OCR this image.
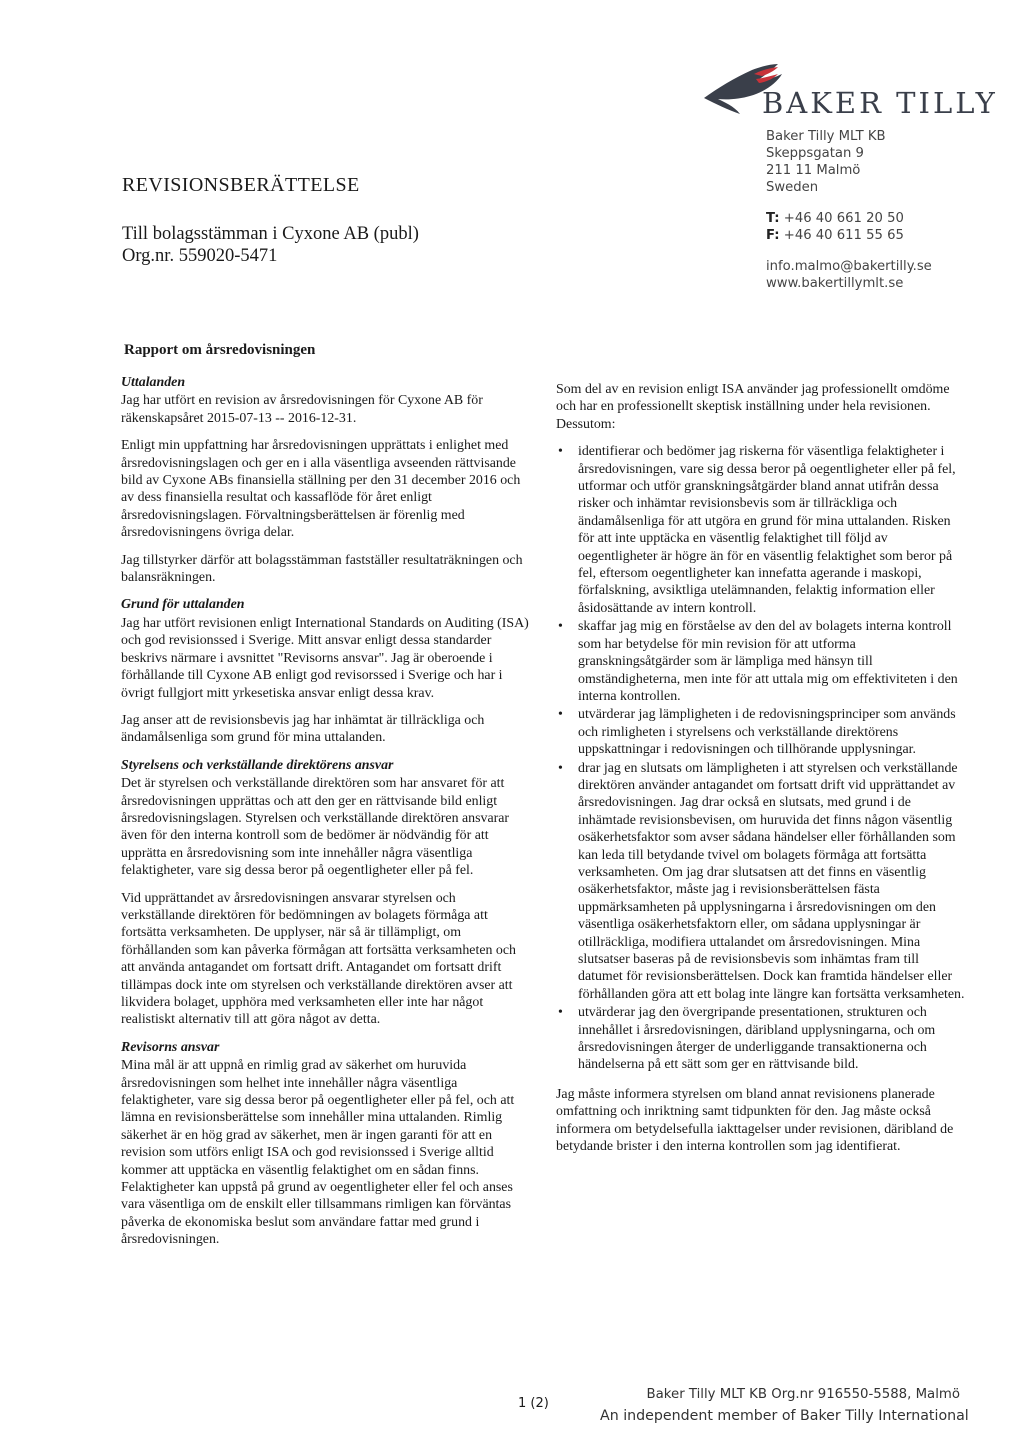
BAKER TILLY
Baker Tilly MLT KB
Skeppsgatan 9
211 11 Malmö
Sweden
T: +46 40 661 20 50
F: +46 40 611 55 65
info.malmo@bakertilly.se
www.bakertillymlt.se
REVISIONSBERÄTTELSE
Till bolagsstämman i Cyxone AB (publ)
Org.nr. 559020-5471
Rapport om årsredovisningen
Uttalanden

Jag har utfört en revision av årsredovisningen för Cyxone AB för räkenskapsåret 2015-07-13 -- 2016-12-31.

Enligt min uppfattning har årsredovisningen upprättats i enlighet med årsredovisningslagen och ger en i alla väsentliga avseenden rättvisande bild av Cyxone ABs finansiella ställning per den 31 december 2016 och av dess finansiella resultat och kassaflöde för året enligt årsredovisningslagen. Förvaltningsberättelsen är förenlig med årsredovisningens övriga delar.

Jag tillstyrker därför att bolagsstämman fastställer resultaträkningen och balansräkningen.

Grund för uttalanden

Jag har utfört revisionen enligt International Standards on Auditing (ISA) och god revisionssed i Sverige. Mitt ansvar enligt dessa standarder beskrivs närmare i avsnittet "Revisorns ansvar". Jag är oberoende i förhållande till Cyxone AB enligt god revisorssed i Sverige och har i övrigt fullgjort mitt yrkesetiska ansvar enligt dessa krav.

Jag anser att de revisionsbevis jag har inhämtat är tillräckliga och ändamålsenliga som grund för mina uttalanden.

Styrelsens och verkställande direktörens ansvar

Det är styrelsen och verkställande direktören som har ansvaret för att årsredovisningen upprättas och att den ger en rättvisande bild enligt årsredovisningslagen. Styrelsen och verkställande direktören ansvarar även för den interna kontroll som de bedömer är nödvändig för att upprätta en årsredovisning som inte innehåller några väsentliga felaktigheter, vare sig dessa beror på oegentligheter eller på fel.

Vid upprättandet av årsredovisningen ansvarar styrelsen och verkställande direktören för bedömningen av bolagets förmåga att fortsätta verksamheten. De upplyser, när så är tillämpligt, om förhållanden som kan påverka förmågan att fortsätta verksamheten och att använda antagandet om fortsatt drift. Antagandet om fortsatt drift tillämpas dock inte om styrelsen och verkställande direktören avser att likvidera bolaget, upphöra med verksamheten eller inte har något realistiskt alternativ till att göra något av detta.

Revisorns ansvar

Mina mål är att uppnå en rimlig grad av säkerhet om huruvida årsredovisningen som helhet inte innehåller några väsentliga felaktigheter, vare sig dessa beror på oegentligheter eller på fel, och att lämna en revisionsberättelse som innehåller mina uttalanden. Rimlig säkerhet är en hög grad av säkerhet, men är ingen garanti för att en revision som utförs enligt ISA och god revisionssed i Sverige alltid kommer att upptäcka en väsentlig felaktighet om en sådan finns. Felaktigheter kan uppstå på grund av oegentligheter eller fel och anses vara väsentliga om de enskilt eller tillsammans rimligen kan förväntas påverka de ekonomiska beslut som användare fattar med grund i årsredovisningen.

Som del av en revision enligt ISA använder jag professionellt omdöme och har en professionellt skeptisk inställning under hela revisionen. Dessutom:

• identifierar och bedömer jag riskerna för väsentliga felaktigheter i årsredovisningen, vare sig dessa beror på oegentligheter eller på fel, utformar och utför granskningsåtgärder bland annat utifrån dessa risker och inhämtar revisionsbevis som är tillräckliga och ändamålsenliga för att utgöra en grund för mina uttalanden. Risken för att inte upptäcka en väsentlig felaktighet till följd av oegentligheter är högre än för en väsentlig felaktighet som beror på fel, eftersom oegentligheter kan innefatta agerande i maskopi, förfalskning, avsiktliga utelämnanden, felaktig information eller åsidosättande av intern kontroll.
• skaffar jag mig en förståelse av den del av bolagets interna kontroll som har betydelse för min revision för att utforma granskningsåtgärder som är lämpliga med hänsyn till omständigheterna, men inte för att uttala mig om effektiviteten i den interna kontrollen.
• utvärderar jag lämpligheten i de redovisningsprinciper som används och rimligheten i styrelsens och verkställande direktörens uppskattningar i redovisningen och tillhörande upplysningar.
• drar jag en slutsats om lämpligheten i att styrelsen och verkställande direktören använder antagandet om fortsatt drift vid upprättandet av årsredovisningen. Jag drar också en slutsats, med grund i de inhämtade revisionsbevisen, om huruvida det finns någon väsentlig osäkerhetsfaktor som avser sådana händelser eller förhållanden som kan leda till betydande tvivel om bolagets förmåga att fortsätta verksamheten. Om jag drar slutsatsen att det finns en väsentlig osäkerhetsfaktor, måste jag i revisionsberättelsen fästa uppmärksamheten på upplysningarna i årsredovisningen om den väsentliga osäkerhetsfaktorn eller, om sådana upplysningar är otillräckliga, modifiera uttalandet om årsredovisningen. Mina slutsatser baseras på de revisionsbevis som inhämtas fram till datumet för revisionsberättelsen. Dock kan framtida händelser eller förhållanden göra att ett bolag inte längre kan fortsätta verksamheten.
• utvärderar jag den övergripande presentationen, strukturen och innehållet i årsredovisningen, däribland upplysningarna, och om årsredovisningen återger de underliggande transaktionerna och händelserna på ett sätt som ger en rättvisande bild.

Jag måste informera styrelsen om bland annat revisionens planerade omfattning och inriktning samt tidpunkten för den. Jag måste också informera om betydelsefulla iakttagelser under revisionen, däribland de betydande brister i den interna kontrollen som jag identifierat.

1 (2)
Baker Tilly MLT KB Org.nr 916550-5588, Malmö
An independent member of Baker Tilly International
